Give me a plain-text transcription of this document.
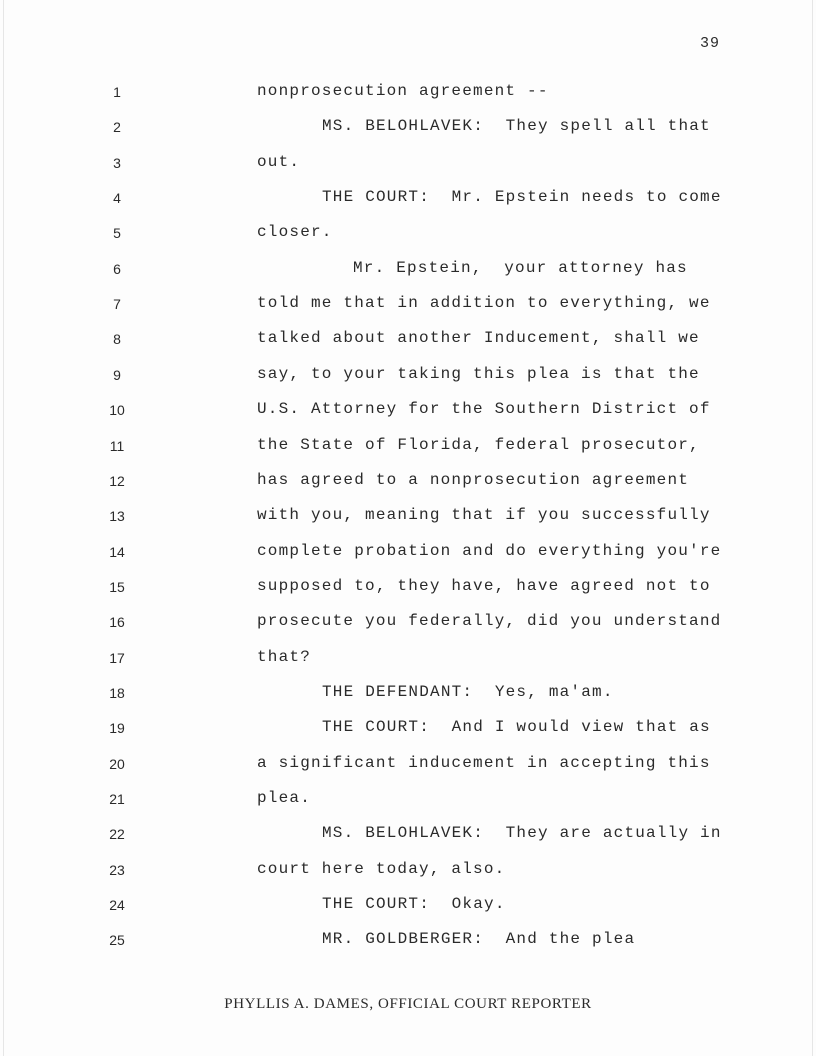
39
1	nonprosecution agreement --
2	MS. BELOHLAVEK:  They spell all that
3	out.
4	THE COURT:  Mr. Epstein needs to come
5	closer.
6	Mr. Epstein,  your attorney has
7	told me that in addition to everything, we
8	talked about another Inducement, shall we
9	say, to your taking this plea is that the
10	U.S. Attorney for the Southern District of
11	the State of Florida, federal prosecutor,
12	has agreed to a nonprosecution agreement
13	with you, meaning that if you successfully
14	complete probation and do everything you're
15	supposed to, they have, have agreed not to
16	prosecute you federally, did you understand
17	that?
18	THE DEFENDANT:  Yes, ma'am.
19	THE COURT:  And I would view that as
20	a significant inducement in accepting this
21	plea.
22	MS. BELOHLAVEK:  They are actually in
23	court here today, also.
24	THE COURT:  Okay.
25	MR. GOLDBERGER:  And the plea
PHYLLIS A. DAMES, OFFICIAL COURT REPORTER
